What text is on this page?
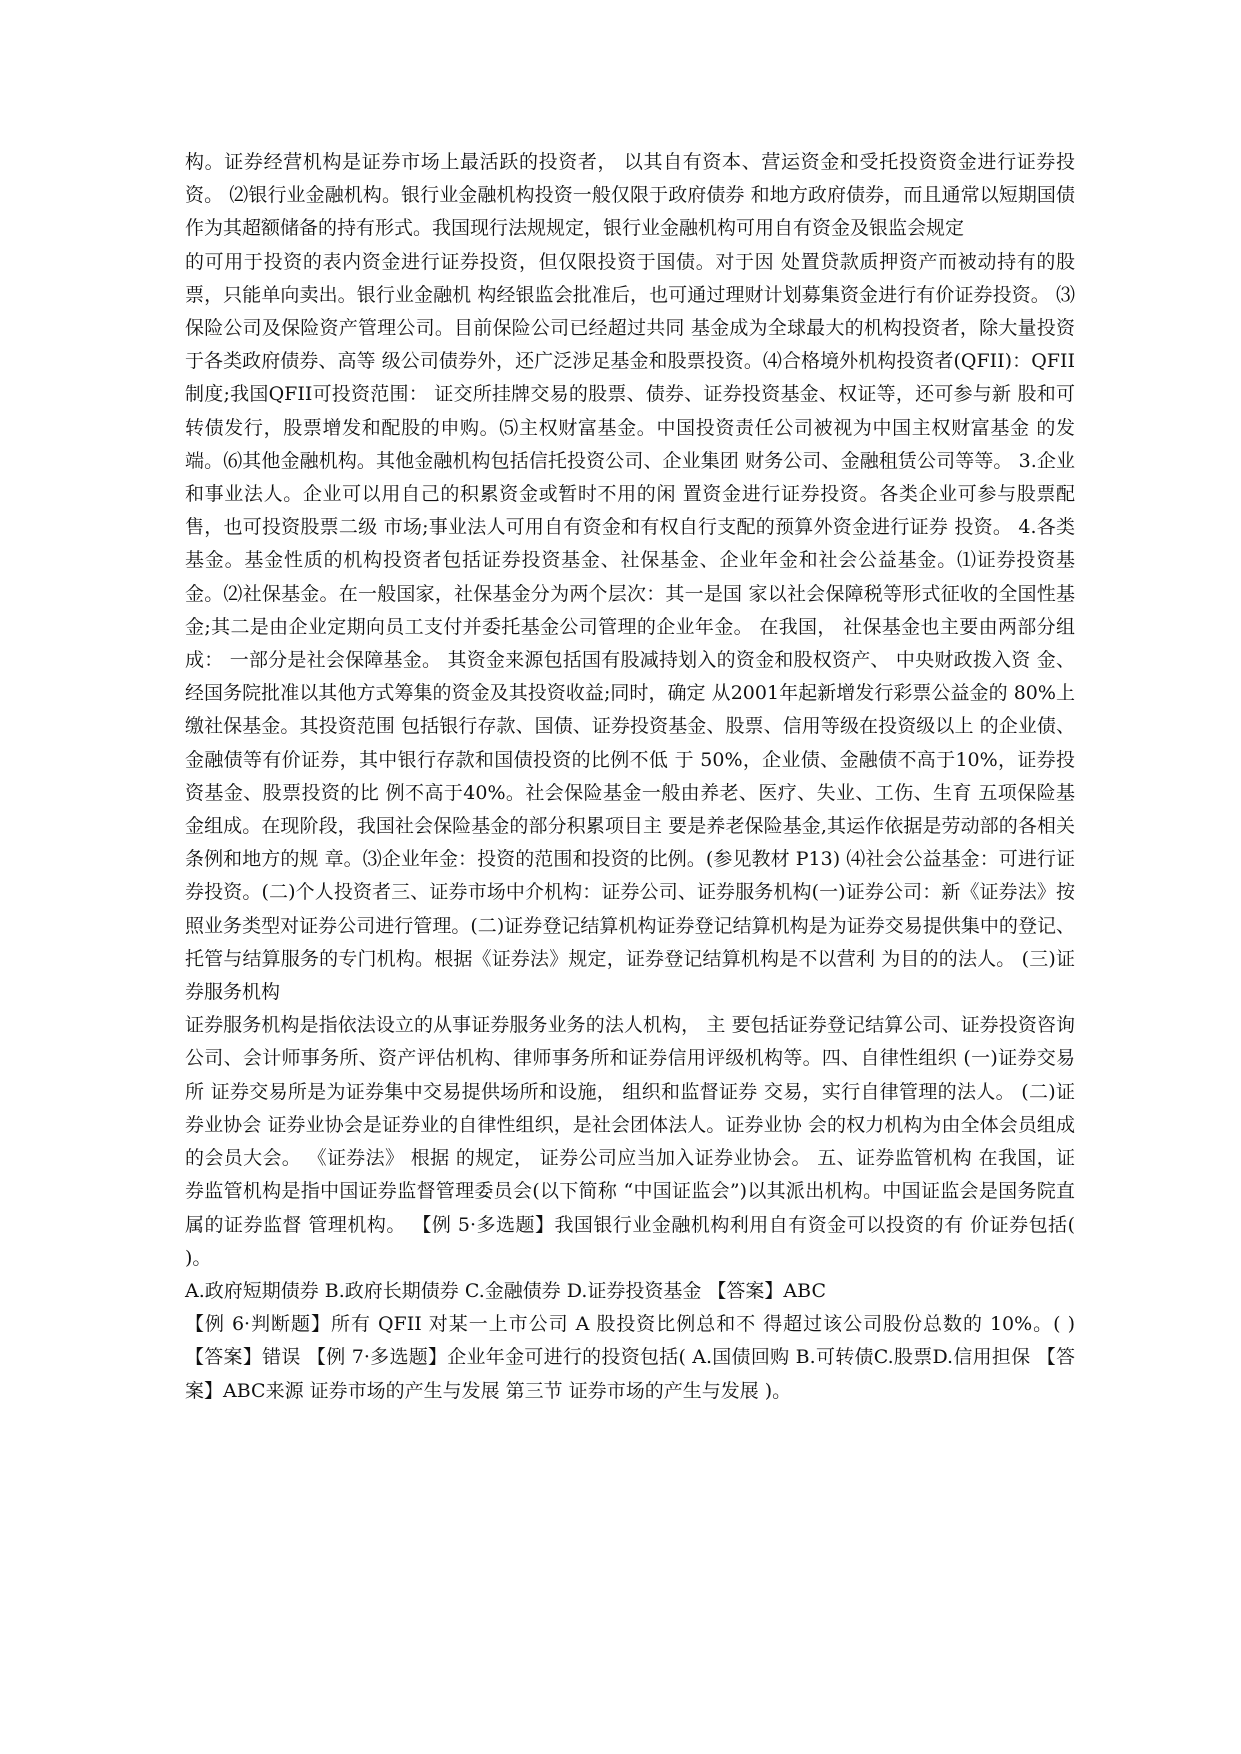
构。证券经营机构是证券市场上最活跃的投资者， 以其自有资本、营运资金和受托投资资金进行证券投资。 ⑵银行业金融机构。银行业金融机构投资一般仅限于政府债券 和地方政府债券，而且通常以短期国债作为其超额储备的持有形式。我国现行法规规定，银行业金融机构可用自有资金及银监会规定

的可用于投资的表内资金进行证券投资，但仅限投资于国债。对于因 处置贷款质押资产而被动持有的股票，只能单向卖出。银行业金融机 构经银监会批准后，也可通过理财计划募集资金进行有价证券投资。 ⑶保险公司及保险资产管理公司。目前保险公司已经超过共同 基金成为全球最大的机构投资者，除大量投资于各类政府债券、高等 级公司债券外，还广泛涉足基金和股票投资。⑷合格境外机构投资者(QFII)：QFII制度;我国QFII可投资范围： 证交所挂牌交易的股票、债券、证券投资基金、权证等，还可参与新 股和可转债发行，股票增发和配股的申购。⑸主权财富基金。中国投资责任公司被视为中国主权财富基金 的发端。⑹其他金融机构。其他金融机构包括信托投资公司、企业集团 财务公司、金融租赁公司等等。 3.企业和事业法人。企业可以用自己的积累资金或暂时不用的闲 置资金进行证券投资。各类企业可参与股票配售，也可投资股票二级 市场;事业法人可用自有资金和有权自行支配的预算外资金进行证券 投资。 4.各类基金。基金性质的机构投资者包括证券投资基金、社保基金、企业年金和社会公益基金。⑴证券投资基金。⑵社保基金。在一般国家，社保基金分为两个层次：其一是国 家以社会保障税等形式征收的全国性基金;其二是由企业定期向员工支付并委托基金公司管理的企业年金。 在我国， 社保基金也主要由两部分组成： 一部分是社会保障基金。 其资金来源包括国有股减持划入的资金和股权资产、 中央财政拨入资 金、经国务院批准以其他方式筹集的资金及其投资收益;同时，确定 从2001年起新增发行彩票公益金的 80%上缴社保基金。其投资范围 包括银行存款、国债、证券投资基金、股票、信用等级在投资级以上 的企业债、金融债等有价证券，其中银行存款和国债投资的比例不低 于 50%，企业债、金融债不高于10%，证券投资基金、股票投资的比 例不高于40%。社会保险基金一般由养老、医疗、失业、工伤、生育 五项保险基金组成。在现阶段，我国社会保险基金的部分积累项目主 要是养老保险基金,其运作依据是劳动部的各相关条例和地方的规 章。⑶企业年金：投资的范围和投资的比例。(参见教材 P13) ⑷社会公益基金：可进行证券投资。(二)个人投资者三、证券市场中介机构：证券公司、证券服务机构(一)证券公司：新《证券法》按照业务类型对证券公司进行管理。(二)证券登记结算机构证券登记结算机构是为证券交易提供集中的登记、托管与结算服务的专门机构。根据《证券法》规定，证券登记结算机构是不以营利 为目的的法人。 (三)证券服务机构

证券服务机构是指依法设立的从事证券服务业务的法人机构， 主 要包括证券登记结算公司、证券投资咨询公司、会计师事务所、资产评估机构、律师事务所和证券信用评级机构等。四、自律性组织 (一)证券交易所 证券交易所是为证券集中交易提供场所和设施， 组织和监督证券 交易，实行自律管理的法人。 (二)证券业协会 证券业协会是证券业的自律性组织，是社会团体法人。证券业协 会的权力机构为由全体会员组成的会员大会。 《证券法》 根据 的规定， 证券公司应当加入证券业协会。 五、证券监管机构 在我国，证券监管机构是指中国证券监督管理委员会(以下简称 “中国证监会”)以其派出机构。中国证监会是国务院直属的证券监督 管理机构。 【例 5·多选题】我国银行业金融机构利用自有资金可以投资的有 价证券包括( )。

A.政府短期债券 B.政府长期债券 C.金融债券 D.证券投资基金 【答案】ABC

【例 6·判断题】所有 QFII 对某一上市公司 A 股投资比例总和不 得超过该公司股份总数的 10%。( ) 【答案】错误 【例 7·多选题】企业年金可进行的投资包括( A.国债回购 B.可转债C.股票D.信用担保 【答案】ABC来源 证券市场的产生与发展 第三节 证券市场的产生与发展 )。
